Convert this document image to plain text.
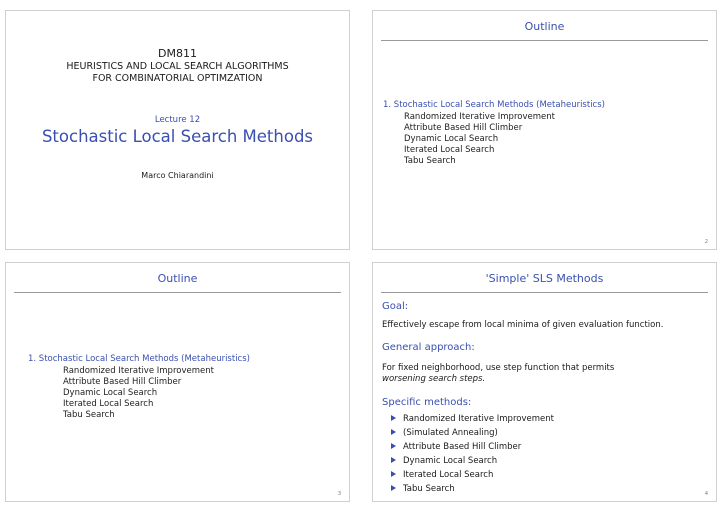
DM811
HEURISTICS AND LOCAL SEARCH ALGORITHMS
FOR COMBINATORIAL OPTIMZATION
Lecture 12
Stochastic Local Search Methods
Marco Chiarandini
Outline
1. Stochastic Local Search Methods (Metaheuristics)
Randomized Iterative Improvement
Attribute Based Hill Climber
Dynamic Local Search
Iterated Local Search
Tabu Search
2
Outline
1. Stochastic Local Search Methods (Metaheuristics)
Randomized Iterative Improvement
Attribute Based Hill Climber
Dynamic Local Search
Iterated Local Search
Tabu Search
3
'Simple' SLS Methods
Goal:
Effectively escape from local minima of given evaluation function.
General approach:
For fixed neighborhood, use step function that permits
worsening search steps.
Specific methods:
Randomized Iterative Improvement
(Simulated Annealing)
Attribute Based Hill Climber
Dynamic Local Search
Iterated Local Search
Tabu Search	4
